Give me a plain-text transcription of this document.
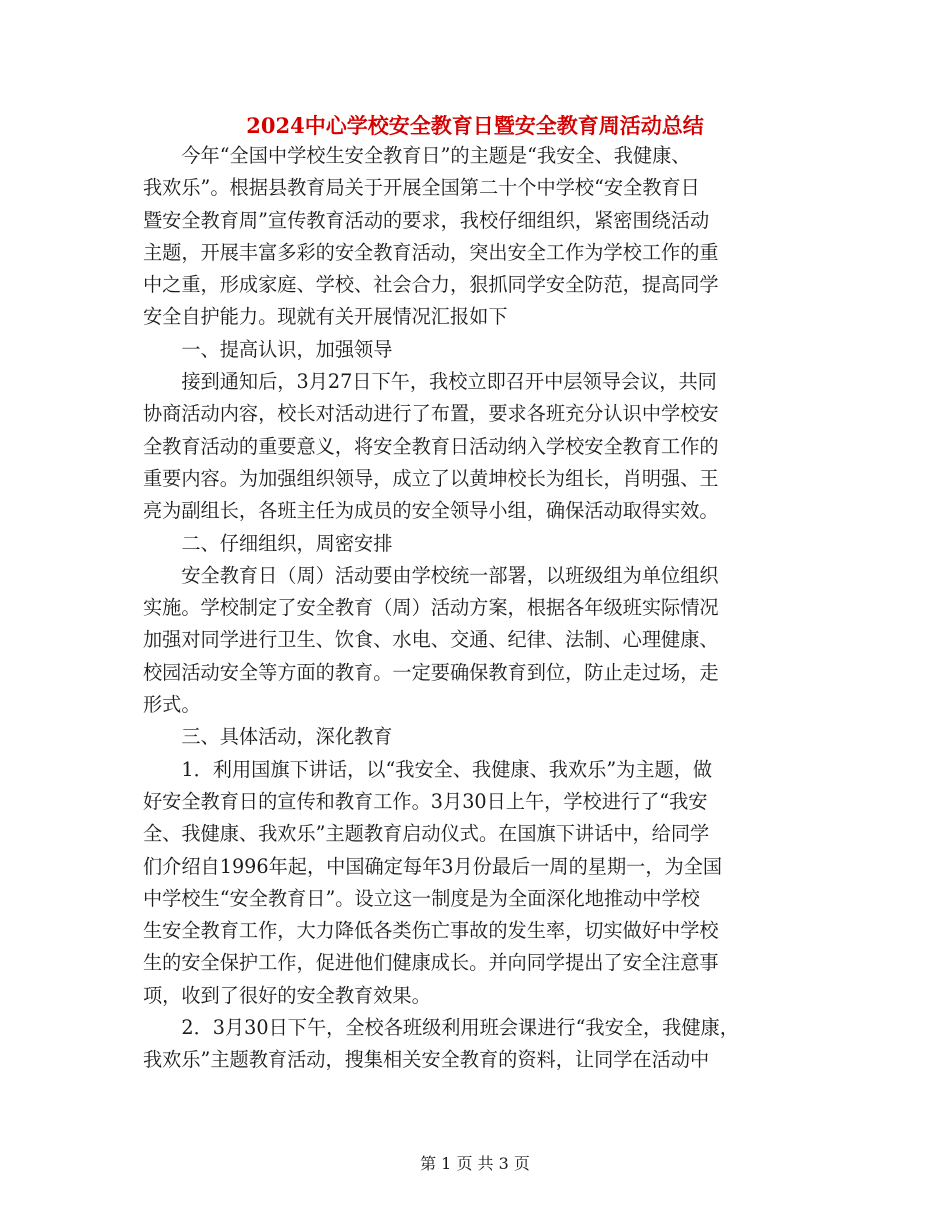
2024中心学校安全教育日暨安全教育周活动总结
　　今年“全国中学校生安全教育日”的主题是“我安全、我健康、
我欢乐”。根据县教育局关于开展全国第二十个中学校“安全教育日
暨安全教育周”宣传教育活动的要求，我校仔细组织，紧密围绕活动
主题，开展丰富多彩的安全教育活动，突出安全工作为学校工作的重
中之重，形成家庭、学校、社会合力，狠抓同学安全防范，提高同学
安全自护能力。现就有关开展情况汇报如下
　　一、提高认识，加强领导
　　接到通知后，3月27日下午，我校立即召开中层领导会议，共同
协商活动内容，校长对活动进行了布置，要求各班充分认识中学校安
全教育活动的重要意义，将安全教育日活动纳入学校安全教育工作的
重要内容。为加强组织领导，成立了以黄坤校长为组长，肖明强、王
亮为副组长，各班主任为成员的安全领导小组，确保活动取得实效。
　　二、仔细组织，周密安排
　　安全教育日（周）活动要由学校统一部署，以班级组为单位组织
实施。学校制定了安全教育（周）活动方案，根据各年级班实际情况
加强对同学进行卫生、饮食、水电、交通、纪律、法制、心理健康、
校园活动安全等方面的教育。一定要确保教育到位，防止走过场，走
形式。
　　三、具体活动，深化教育
　　1．利用国旗下讲话，以“我安全、我健康、我欢乐”为主题，做
好安全教育日的宣传和教育工作。3月30日上午，学校进行了“我安
全、我健康、我欢乐”主题教育启动仪式。在国旗下讲话中，给同学
们介绍自1996年起，中国确定每年3月份最后一周的星期一，为全国
中学校生“安全教育日”。设立这一制度是为全面深化地推动中学校
生安全教育工作，大力降低各类伤亡事故的发生率，切实做好中学校
生的安全保护工作，促进他们健康成长。并向同学提出了安全注意事
项，收到了很好的安全教育效果。
　　2．3月30日下午，全校各班级利用班会课进行“我安全，我健康，
我欢乐”主题教育活动，搜集相关安全教育的资料，让同学在活动中
第 1 页 共 3 页
